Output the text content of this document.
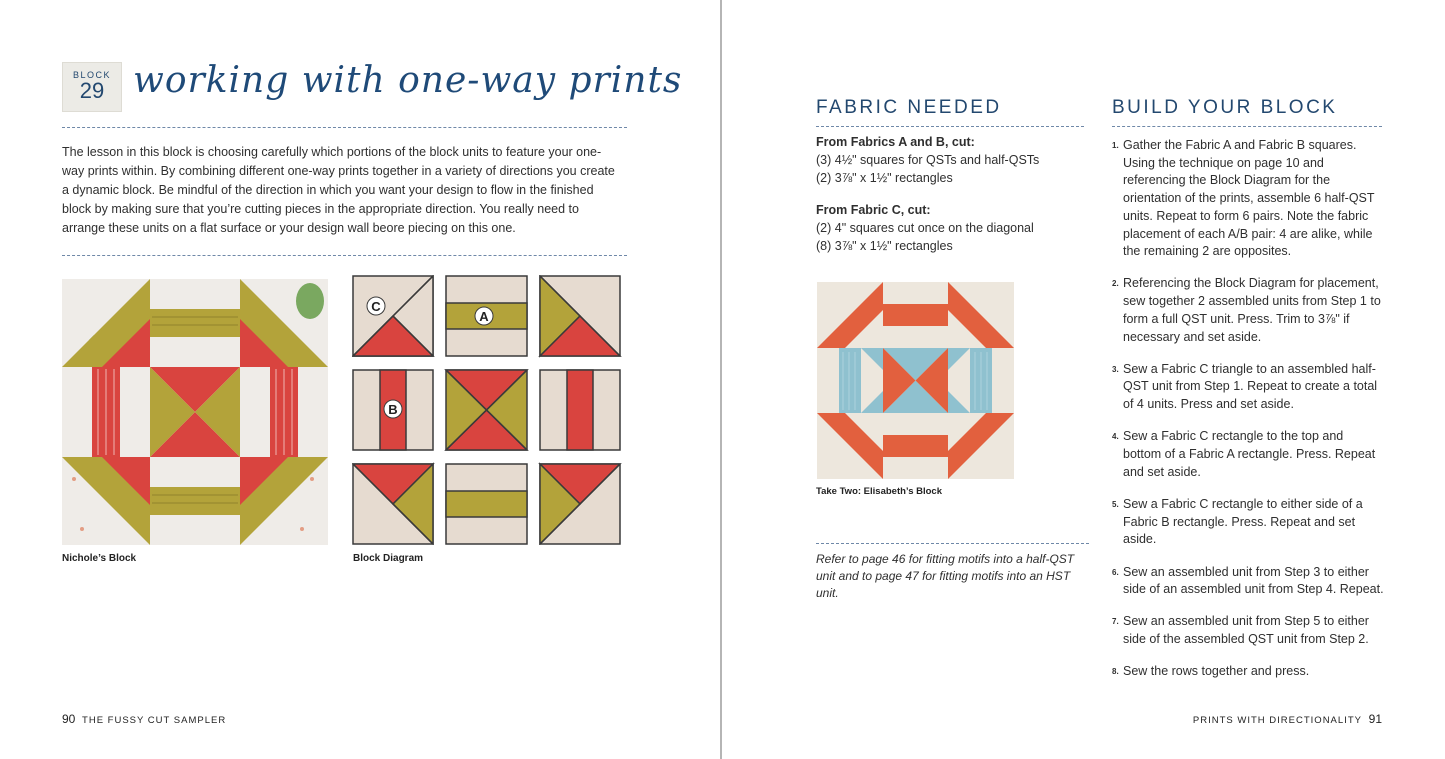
BLOCK
29 working with one-way prints
The lesson in this block is choosing carefully which portions of the block units to feature your one-way prints within. By combining different one-way prints together in a variety of directions you create a dynamic block. Be mindful of the direction in which you want your design to flow in the finished block by making sure that you’re cutting pieces in the appropriate direction. You really need to arrange these units on a flat surface or your design wall beore piecing on this one.
Nichole’s Block
C
A
B
Block Diagram
90 THE FUSSY CUT SAMPLER
FABRIC NEEDED
From Fabrics A and B, cut:
(3) 4½" squares for QSTs and half-QSTs
(2) 3⅞" x 1½" rectangles
From Fabric C, cut:
(2) 4" squares cut once on the diagonal
(8) 3⅞" x 1½" rectangles
Take Two: Elisabeth’s Block
Refer to page 46 for fitting motifs into a half-QST unit and to page 47 for fitting motifs into an HST unit.
BUILD YOUR BLOCK
1. Gather the Fabric A and Fabric B squares. Using the technique on page 10 and referencing the Block Diagram for the orientation of the prints, assemble 6 half-QST units. Repeat to form 6 pairs. Note the fabric placement of each A/B pair: 4 are alike, while the remaining 2 are opposites.
2. Referencing the Block Diagram for placement, sew together 2 assembled units from Step 1 to form a full QST unit. Press. Trim to 3⅞" if necessary and set aside.
3. Sew a Fabric C triangle to an assembled half-QST unit from Step 1. Repeat to create a total of 4 units. Press and set aside.
4. Sew a Fabric C rectangle to the top and bottom of a Fabric A rectangle. Press. Repeat and set aside.
5. Sew a Fabric C rectangle to either side of a Fabric B rectangle. Press. Repeat and set aside.
6. Sew an assembled unit from Step 3 to either side of an assembled unit from Step 4. Repeat.
7. Sew an assembled unit from Step 5 to either side of the assembled QST unit from Step 2.
8. Sew the rows together and press.
PRINTS WITH DIRECTIONALITY 91
